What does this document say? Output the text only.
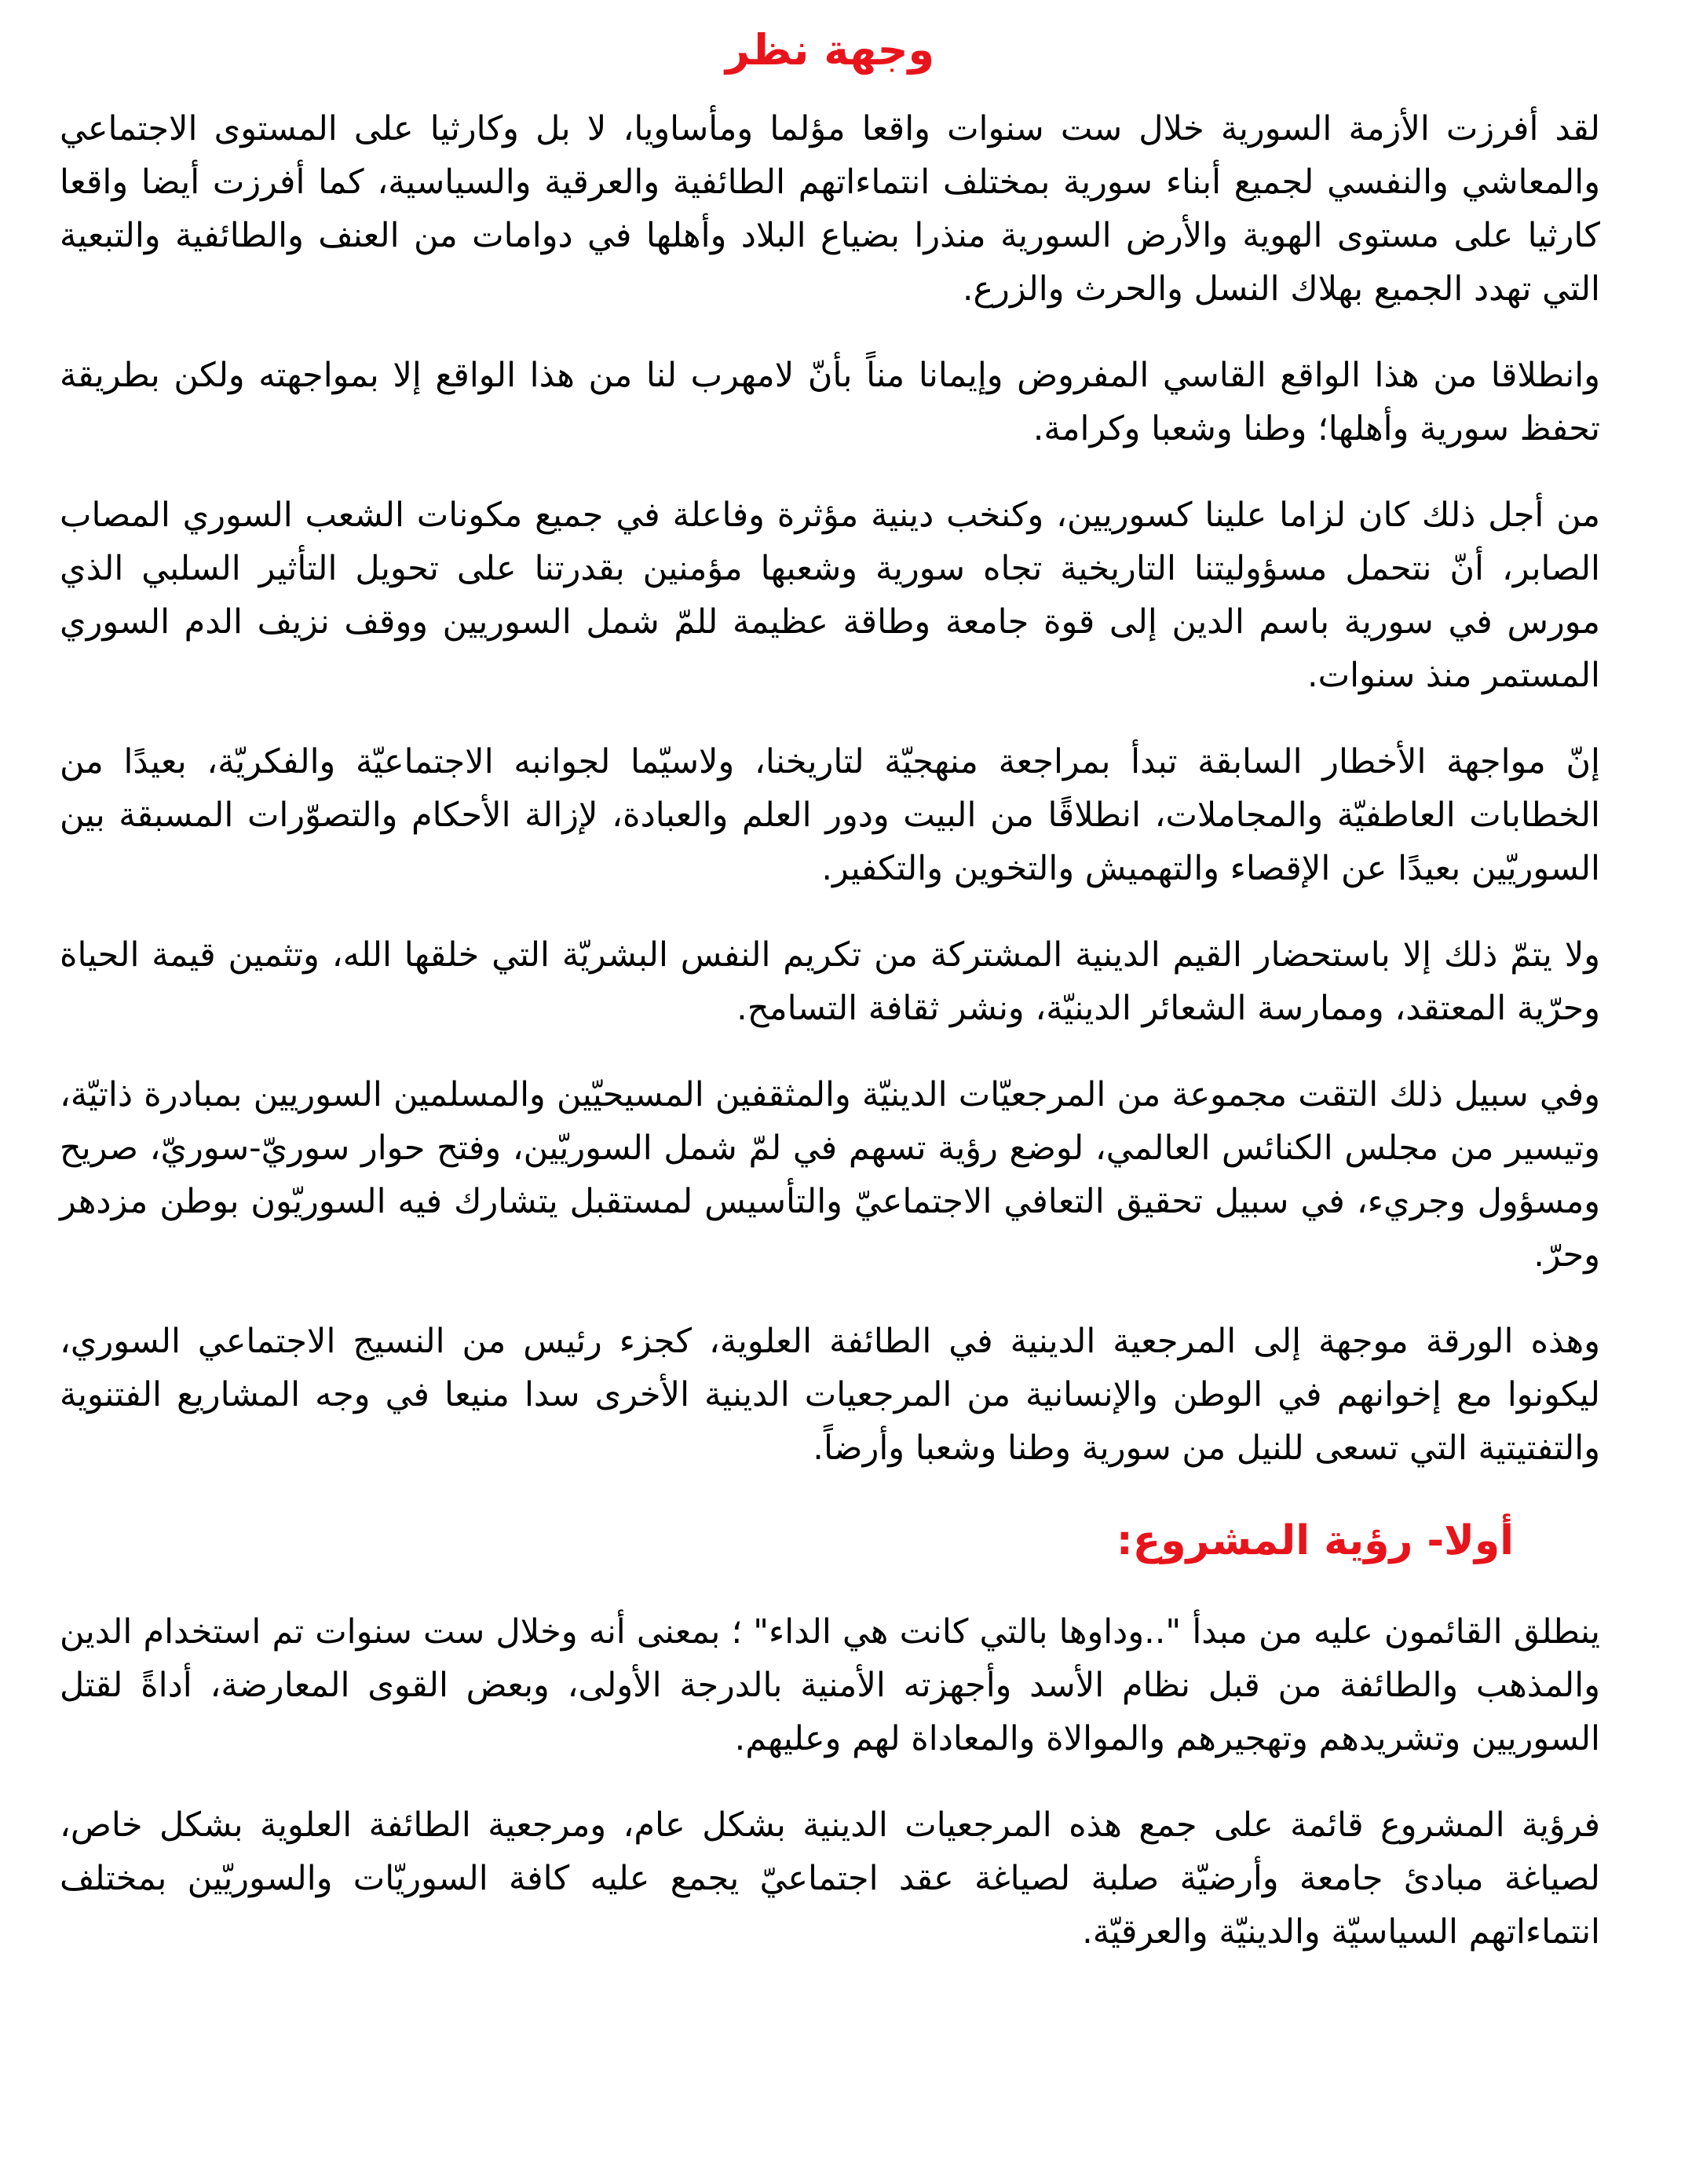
وجهة نظر

لقد أفرزت الأزمة السورية خلال ست سنوات واقعا مؤلما ومأساويا، لا بل وكارثيا على المستوى الاجتماعي والمعاشي والنفسي لجميع أبناء سورية بمختلف انتماءاتهم الطائفية والعرقية والسياسية، كما أفرزت أيضا واقعا كارثيا على مستوى الهوية والأرض السورية منذرا بضياع البلاد وأهلها في دوامات من العنف والطائفية والتبعية التي تهدد الجميع بهلاك النسل والحرث والزرع.

وانطلاقا من هذا الواقع القاسي المفروض وإيمانا مناً بأنّ لامهرب لنا من هذا الواقع إلا بمواجهته ولكن بطريقة تحفظ سورية وأهلها؛ وطنا وشعبا وكرامة.

من أجل ذلك كان لزاما علينا كسوريين، وكنخب دينية مؤثرة وفاعلة في جميع مكونات الشعب السوري المصاب الصابر، أنّ نتحمل مسؤوليتنا التاريخية تجاه سورية وشعبها مؤمنين بقدرتنا على تحويل التأثير السلبي الذي مورس في سورية باسم الدين إلى قوة جامعة وطاقة عظيمة للمّ شمل السوريين ووقف نزيف الدم السوري المستمر منذ سنوات.

إنّ مواجهة الأخطار السابقة تبدأ بمراجعة منهجيّة لتاريخنا، ولاسيّما لجوانبه الاجتماعيّة والفكريّة، بعيدًا من الخطابات العاطفيّة والمجاملات، انطلاقًا من البيت ودور العلم والعبادة، لإزالة الأحكام والتصوّرات المسبقة بين السوريّين بعيدًا عن الإقصاء والتهميش والتخوين والتكفير.

ولا يتمّ ذلك إلا باستحضار القيم الدينية المشتركة من تكريم النفس البشريّة التي خلقها الله، وتثمين قيمة الحياة وحرّية المعتقد، وممارسة الشعائر الدينيّة، ونشر ثقافة التسامح.

وفي سبيل ذلك التقت مجموعة من المرجعيّات الدينيّة والمثقفين المسيحيّين والمسلمين السوريين بمبادرة ذاتيّة، وتيسير من مجلس الكنائس العالمي، لوضع رؤية تسهم في لمّ شمل السوريّين، وفتح حوار سوريّ-سوريّ، صريح ومسؤول وجريء، في سبيل تحقيق التعافي الاجتماعيّ والتأسيس لمستقبل يتشارك فيه السوريّون بوطن مزدهر وحرّ.

وهذه الورقة موجهة إلى المرجعية الدينية في الطائفة العلوية، كجزء رئيس من النسيج الاجتماعي السوري، ليكونوا مع إخوانهم في الوطن والإنسانية من المرجعيات الدينية الأخرى سدا منيعا في وجه المشاريع الفتنوية والتفتيتية التي تسعى للنيل من سورية وطنا وشعبا وأرضاً.

أولا- رؤية المشروع:

ينطلق القائمون عليه من مبدأ "..وداوها بالتي كانت هي الداء" ؛ بمعنى أنه وخلال ست سنوات تم استخدام الدين والمذهب والطائفة من قبل نظام الأسد وأجهزته الأمنية بالدرجة الأولى، وبعض القوى المعارضة، أداةً لقتل السوريين وتشريدهم وتهجيرهم والموالاة والمعاداة لهم وعليهم.

فرؤية المشروع قائمة على جمع هذه المرجعيات الدينية بشكل عام، ومرجعية الطائفة العلوية بشكل خاص، لصياغة مبادئ جامعة وأرضيّة صلبة لصياغة عقد اجتماعيّ يجمع عليه كافة السوريّات والسوريّين بمختلف انتماءاتهم السياسيّة والدينيّة والعرقيّة.
